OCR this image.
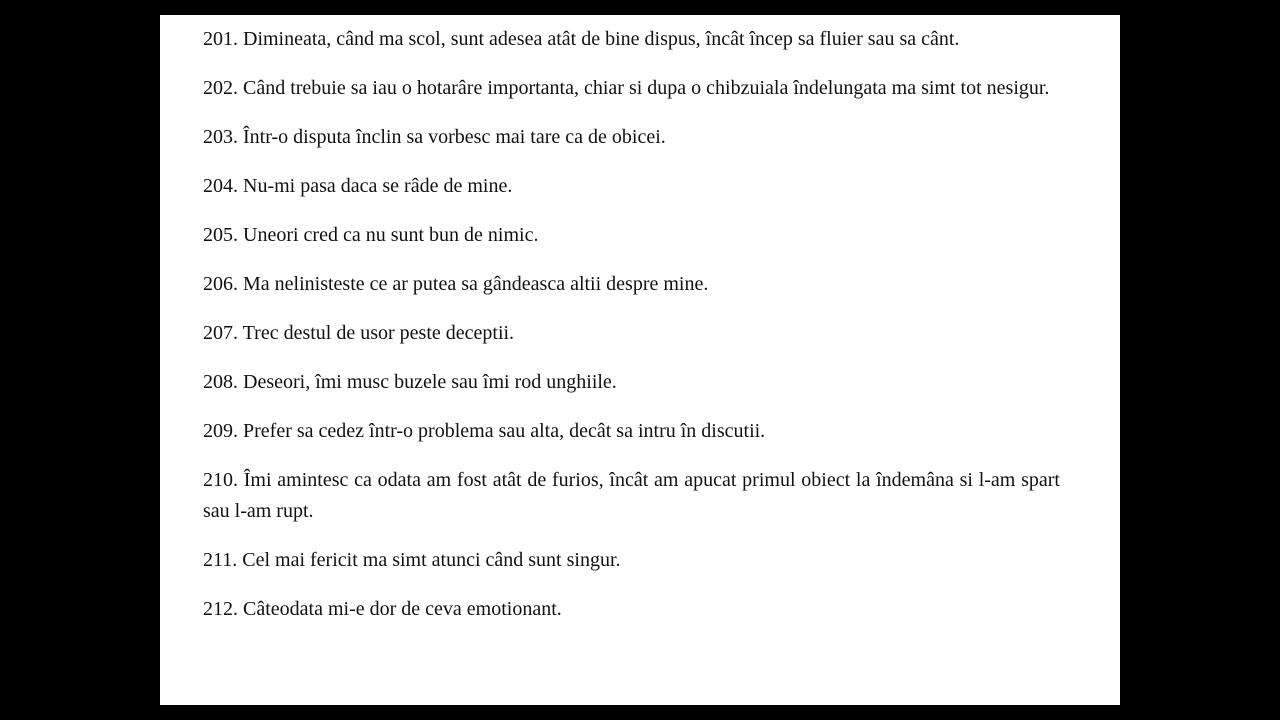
201. Dimineata, când ma scol, sunt adesea atât de bine dispus, încât încep sa fluier sau sa cânt.

202. Când trebuie sa iau o hotarâre importanta, chiar si dupa o chibzuiala îndelungata ma simt tot nesigur.

203. Într-o disputa înclin sa vorbesc mai tare ca de obicei.

204. Nu-mi pasa daca se râde de mine.

205. Uneori cred ca nu sunt bun de nimic.

206. Ma nelinisteste ce ar putea sa gândeasca altii despre mine.

207. Trec destul de usor peste deceptii.

208. Deseori, îmi musc buzele sau îmi rod unghiile.

209. Prefer sa cedez într-o problema sau alta, decât sa intru în discutii.

210. Îmi amintesc ca odata am fost atât de furios, încât am apucat primul obiect la îndemâna si l-am spart sau l-am rupt.

211. Cel mai fericit ma simt atunci când sunt singur.

212. Câteodata mi-e dor de ceva emotionant.
